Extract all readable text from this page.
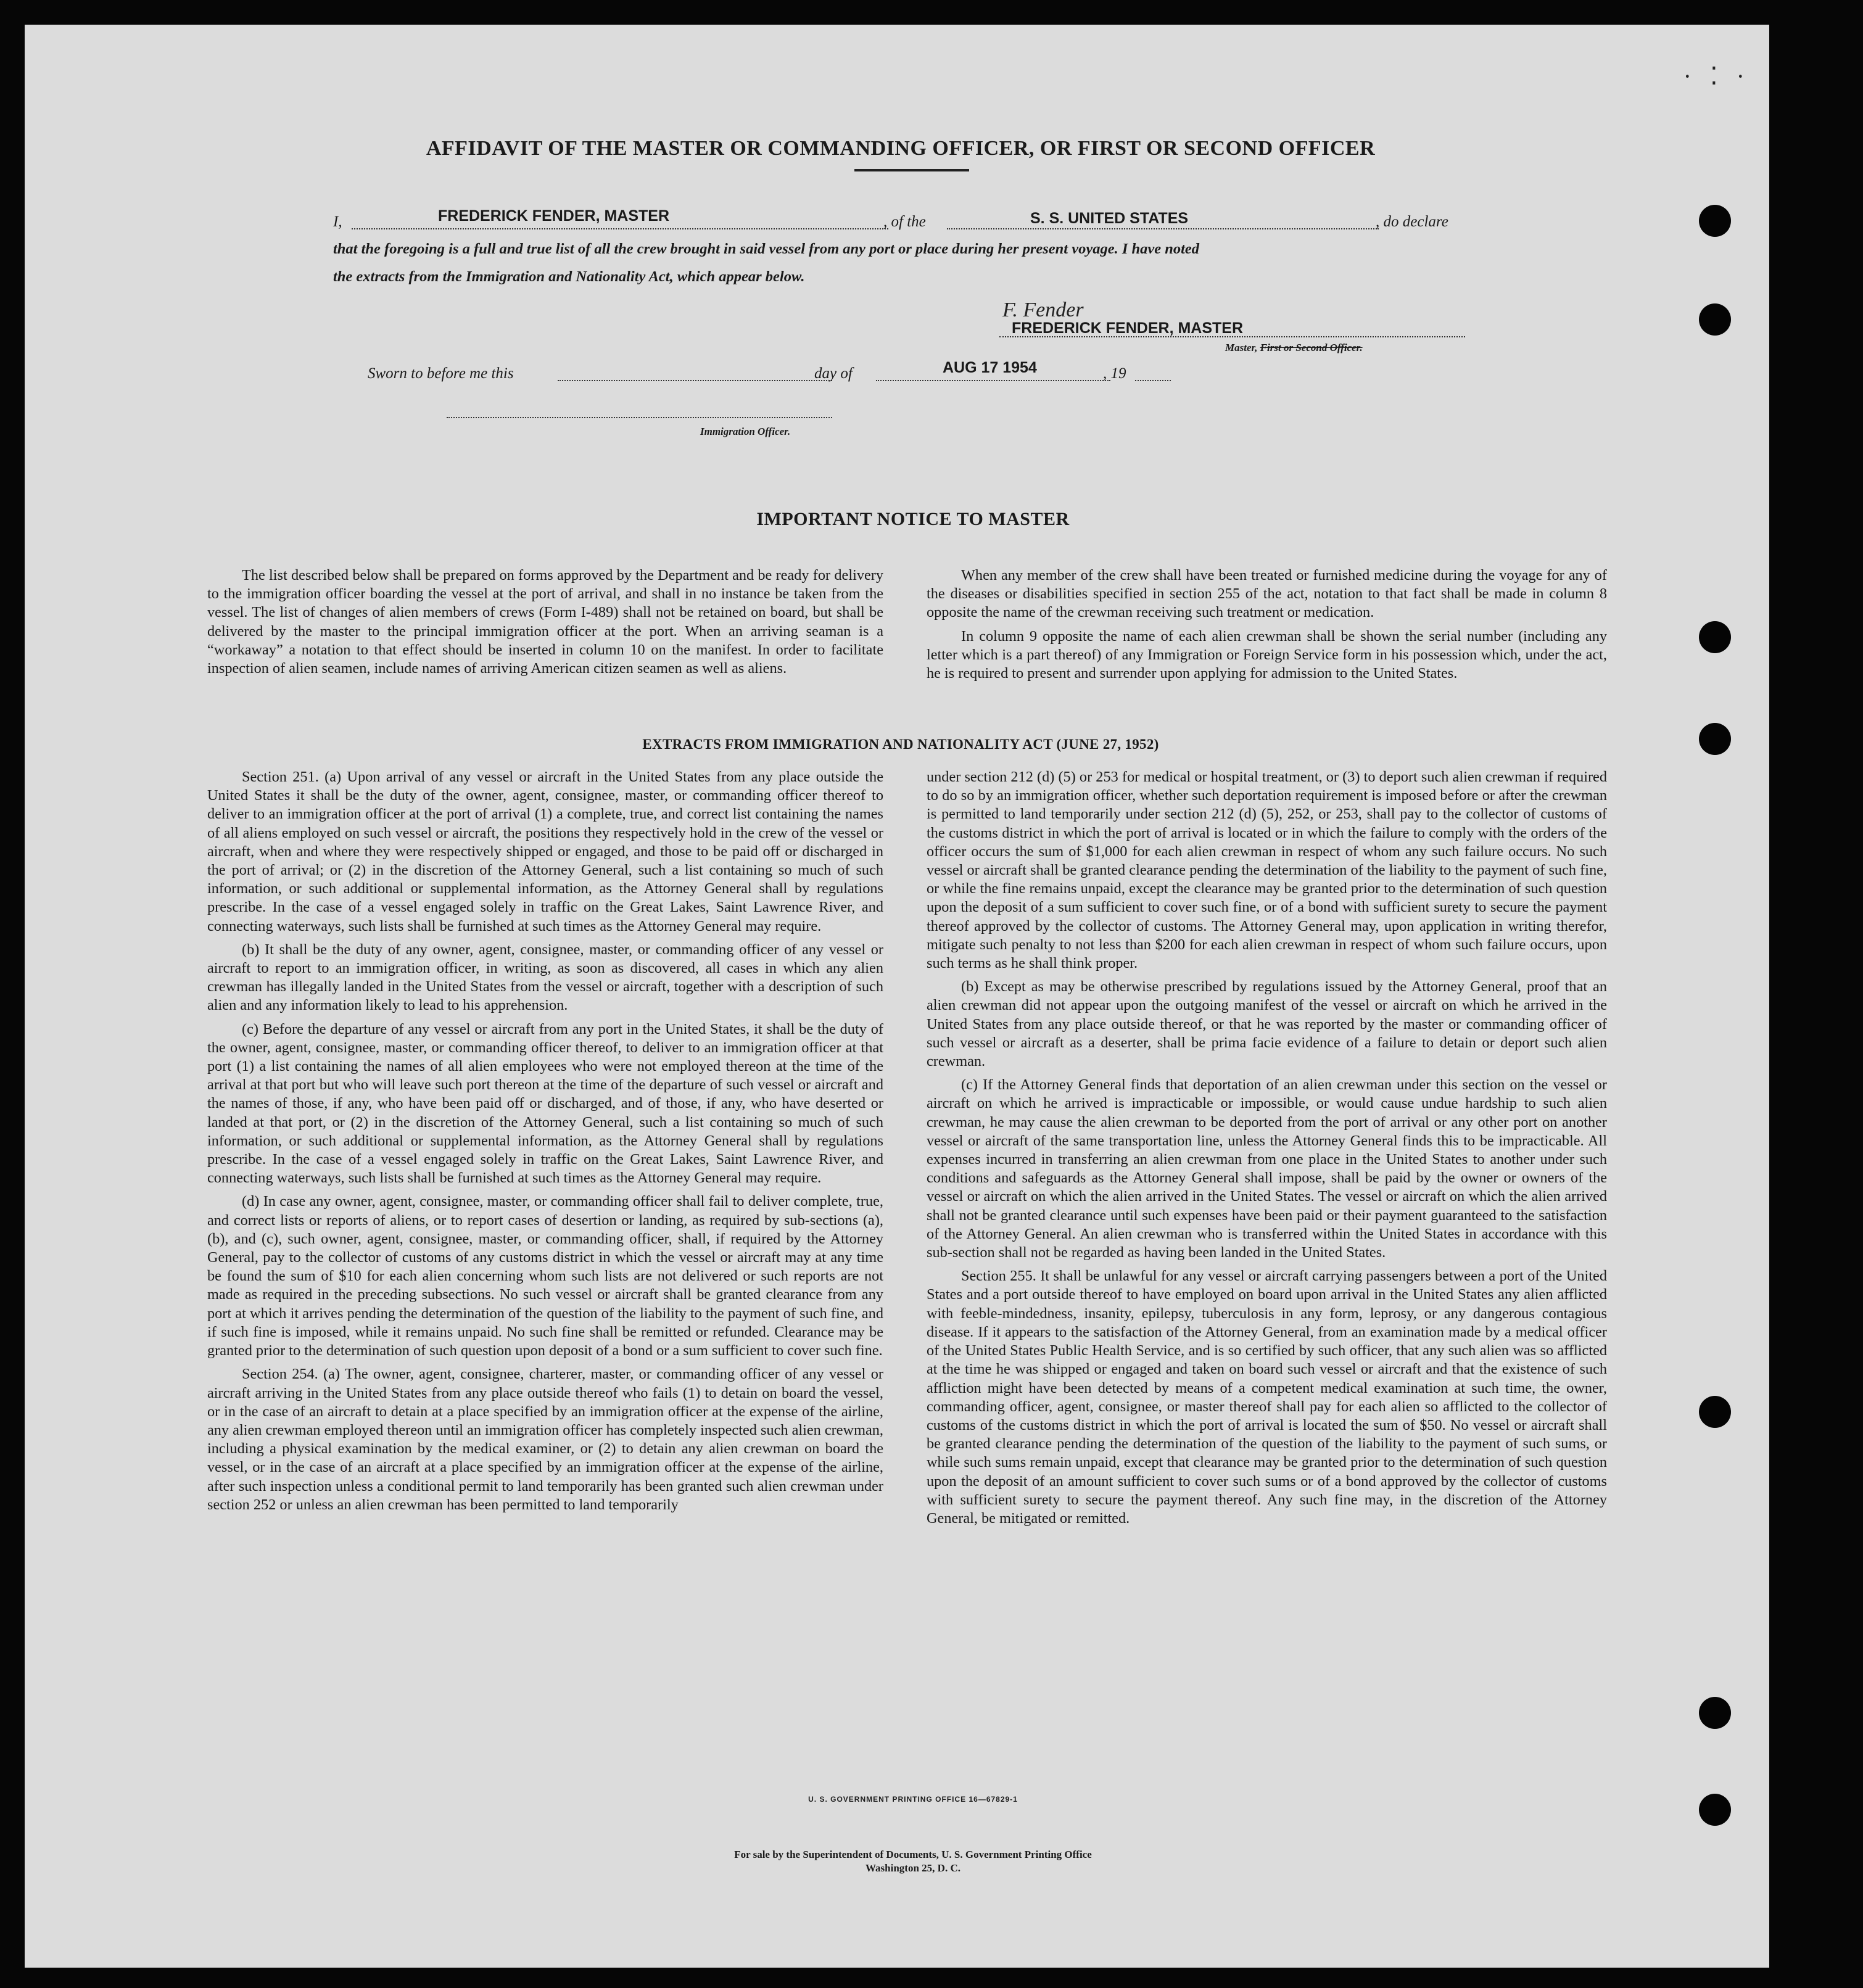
· ⁚ ·
AFFIDAVIT OF THE MASTER OR COMMANDING OFFICER, OR FIRST OR SECOND OFFICER
I,	FREDERICK FENDER, MASTER	, of the	S. S. UNITED STATES	, do declare
that the foregoing is a full and true list of all the crew brought in said vessel from any port or place during her present voyage. I have noted
the extracts from the Immigration and Nationality Act, which appear below.
F. Fender
FREDERICK FENDER, MASTER
Master, First or Second Officer.
Sworn to before me this	day of	AUG 17 1954	, 19
Immigration Officer.
IMPORTANT NOTICE TO MASTER

The list described below shall be prepared on forms approved by the Department and be ready for delivery to the immigration officer boarding the vessel at the port of arrival, and shall in no instance be taken from the vessel. The list of changes of alien members of crews (Form I-489) shall not be retained on board, but shall be delivered by the master to the principal immigration officer at the port. When an arriving seaman is a “workaway” a notation to that effect should be inserted in column 10 on the manifest. In order to facilitate inspection of alien seamen, include names of arriving American citizen seamen as well as aliens.

When any member of the crew shall have been treated or furnished medicine during the voyage for any of the diseases or disabilities specified in section 255 of the act, notation to that fact shall be made in column 8 opposite the name of the crewman receiving such treatment or medication.

In column 9 opposite the name of each alien crewman shall be shown the serial number (including any letter which is a part thereof) of any Immigration or Foreign Service form in his possession which, under the act, he is required to present and surrender upon applying for admission to the United States.

EXTRACTS FROM IMMIGRATION AND NATIONALITY ACT (JUNE 27, 1952)

Section 251. (a) Upon arrival of any vessel or aircraft in the United States from any place outside the United States it shall be the duty of the owner, agent, consignee, master, or commanding officer thereof to deliver to an immigration officer at the port of arrival (1) a complete, true, and correct list containing the names of all aliens employed on such vessel or aircraft, the positions they respectively hold in the crew of the vessel or aircraft, when and where they were respectively shipped or engaged, and those to be paid off or discharged in the port of arrival; or (2) in the discretion of the Attorney General, such a list containing so much of such information, or such additional or supplemental information, as the Attorney General shall by regulations prescribe. In the case of a vessel engaged solely in traffic on the Great Lakes, Saint Lawrence River, and connecting waterways, such lists shall be furnished at such times as the Attorney General may require.

(b) It shall be the duty of any owner, agent, consignee, master, or commanding officer of any vessel or aircraft to report to an immigration officer, in writing, as soon as discovered, all cases in which any alien crewman has illegally landed in the United States from the vessel or aircraft, together with a description of such alien and any information likely to lead to his apprehension.

(c) Before the departure of any vessel or aircraft from any port in the United States, it shall be the duty of the owner, agent, consignee, master, or commanding officer thereof, to deliver to an immigration officer at that port (1) a list containing the names of all alien employees who were not employed thereon at the time of the arrival at that port but who will leave such port thereon at the time of the departure of such vessel or aircraft and the names of those, if any, who have been paid off or discharged, and of those, if any, who have deserted or landed at that port, or (2) in the discretion of the Attorney General, such a list containing so much of such information, or such additional or supplemental information, as the Attorney General shall by regulations prescribe. In the case of a vessel engaged solely in traffic on the Great Lakes, Saint Lawrence River, and connecting waterways, such lists shall be furnished at such times as the Attorney General may require.

(d) In case any owner, agent, consignee, master, or commanding officer shall fail to deliver complete, true, and correct lists or reports of aliens, or to report cases of desertion or landing, as required by sub-sections (a), (b), and (c), such owner, agent, consignee, master, or commanding officer, shall, if required by the Attorney General, pay to the collector of customs of any customs district in which the vessel or aircraft may at any time be found the sum of $10 for each alien concerning whom such lists are not delivered or such reports are not made as required in the preceding subsections. No such vessel or aircraft shall be granted clearance from any port at which it arrives pending the determination of the question of the liability to the payment of such fine, and if such fine is imposed, while it remains unpaid. No such fine shall be remitted or refunded. Clearance may be granted prior to the determination of such question upon deposit of a bond or a sum sufficient to cover such fine.

Section 254. (a) The owner, agent, consignee, charterer, master, or commanding officer of any vessel or aircraft arriving in the United States from any place outside thereof who fails (1) to detain on board the vessel, or in the case of an aircraft to detain at a place specified by an immigration officer at the expense of the airline, any alien crewman employed thereon until an immigration officer has completely inspected such alien crewman, including a physical examination by the medical examiner, or (2) to detain any alien crewman on board the vessel, or in the case of an aircraft at a place specified by an immigration officer at the expense of the airline, after such inspection unless a conditional permit to land temporarily has been granted such alien crewman under section 252 or unless an alien crewman has been permitted to land temporarily

under section 212 (d) (5) or 253 for medical or hospital treatment, or (3) to deport such alien crewman if required to do so by an immigration officer, whether such deportation requirement is imposed before or after the crewman is permitted to land temporarily under section 212 (d) (5), 252, or 253, shall pay to the collector of customs of the customs district in which the port of arrival is located or in which the failure to comply with the orders of the officer occurs the sum of $1,000 for each alien crewman in respect of whom any such failure occurs. No such vessel or aircraft shall be granted clearance pending the determination of the liability to the payment of such fine, or while the fine remains unpaid, except the clearance may be granted prior to the determination of such question upon the deposit of a sum sufficient to cover such fine, or of a bond with sufficient surety to secure the payment thereof approved by the collector of customs. The Attorney General may, upon application in writing therefor, mitigate such penalty to not less than $200 for each alien crewman in respect of whom such failure occurs, upon such terms as he shall think proper.

(b) Except as may be otherwise prescribed by regulations issued by the Attorney General, proof that an alien crewman did not appear upon the outgoing manifest of the vessel or aircraft on which he arrived in the United States from any place outside thereof, or that he was reported by the master or commanding officer of such vessel or aircraft as a deserter, shall be prima facie evidence of a failure to detain or deport such alien crewman.

(c) If the Attorney General finds that deportation of an alien crewman under this section on the vessel or aircraft on which he arrived is impracticable or impossible, or would cause undue hardship to such alien crewman, he may cause the alien crewman to be deported from the port of arrival or any other port on another vessel or aircraft of the same transportation line, unless the Attorney General finds this to be impracticable. All expenses incurred in transferring an alien crewman from one place in the United States to another under such conditions and safeguards as the Attorney General shall impose, shall be paid by the owner or owners of the vessel or aircraft on which the alien arrived in the United States. The vessel or aircraft on which the alien arrived shall not be granted clearance until such expenses have been paid or their payment guaranteed to the satisfaction of the Attorney General. An alien crewman who is transferred within the United States in accordance with this sub-section shall not be regarded as having been landed in the United States.

Section 255. It shall be unlawful for any vessel or aircraft carrying passengers between a port of the United States and a port outside thereof to have employed on board upon arrival in the United States any alien afflicted with feeble-mindedness, insanity, epilepsy, tuberculosis in any form, leprosy, or any dangerous contagious disease. If it appears to the satisfaction of the Attorney General, from an examination made by a medical officer of the United States Public Health Service, and is so certified by such officer, that any such alien was so afflicted at the time he was shipped or engaged and taken on board such vessel or aircraft and that the existence of such affliction might have been detected by means of a competent medical examination at such time, the owner, commanding officer, agent, consignee, or master thereof shall pay for each alien so afflicted to the collector of customs of the customs district in which the port of arrival is located the sum of $50. No vessel or aircraft shall be granted clearance pending the determination of the question of the liability to the payment of such sums, or while such sums remain unpaid, except that clearance may be granted prior to the determination of such question upon the deposit of an amount sufficient to cover such sums or of a bond approved by the collector of customs with sufficient surety to secure the payment thereof. Any such fine may, in the discretion of the Attorney General, be mitigated or remitted.

U. S. GOVERNMENT PRINTING OFFICE 16—67829-1
For sale by the Superintendent of Documents, U. S. Government Printing Office
Washington 25, D. C.
